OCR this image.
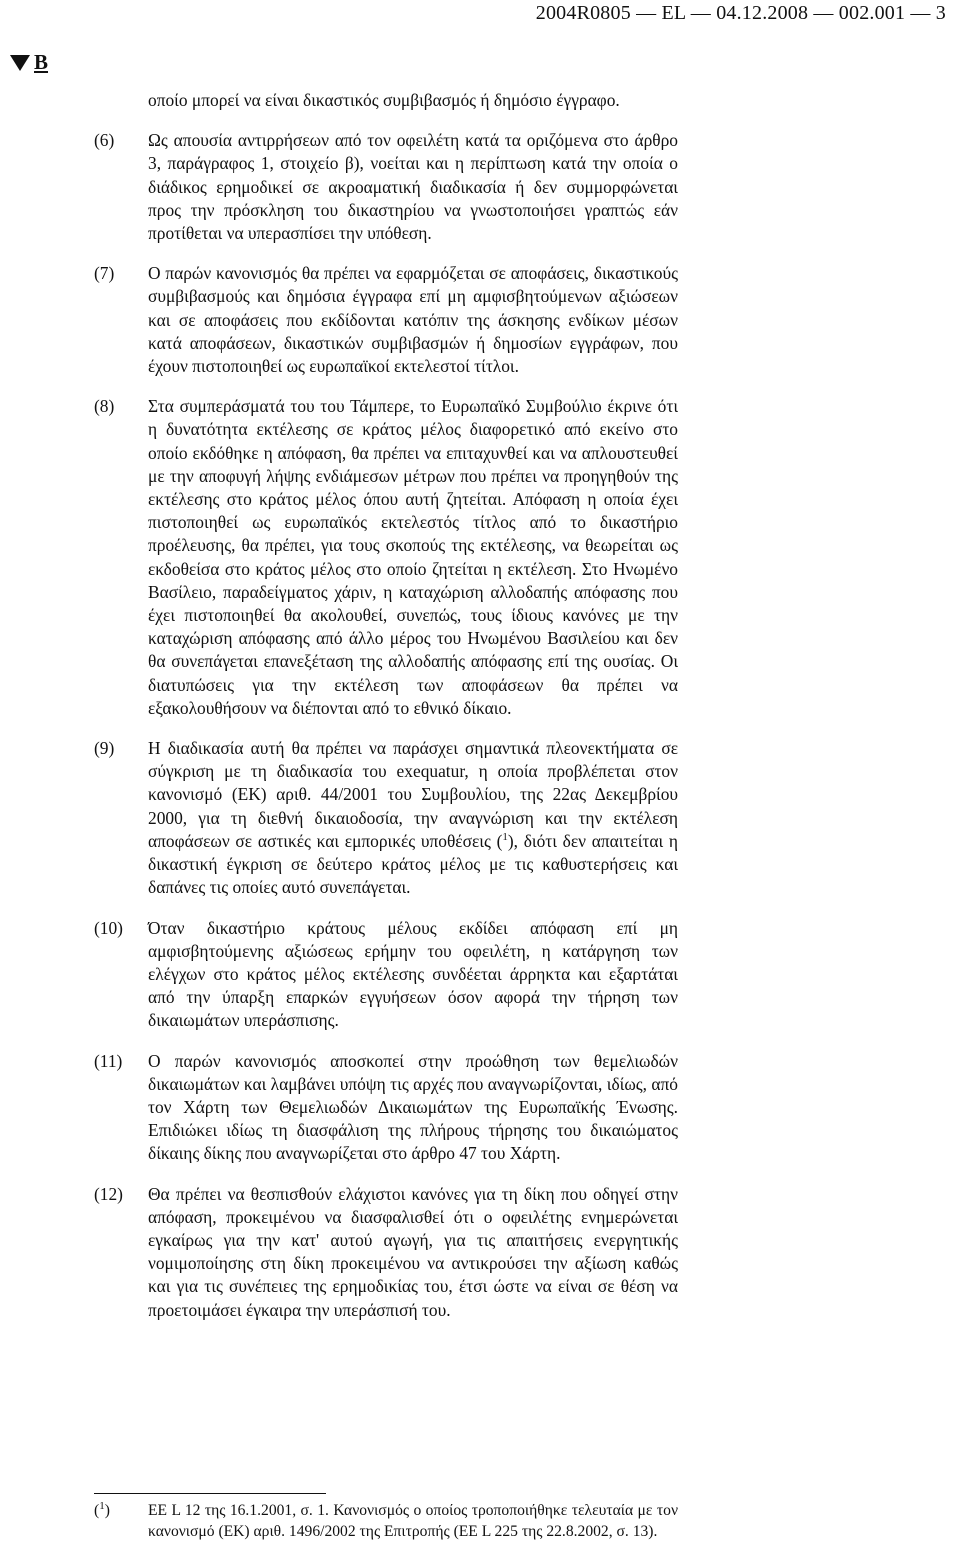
2004R0805 — EL — 04.12.2008 — 002.001 — 3
B
οποίο μπορεί να είναι δικαστικός συμβιβασμός ή δημόσιο έγγραφο.
(6)	Ως απουσία αντιρρήσεων από τον οφειλέτη κατά τα οριζόμενα στο άρθρο 3, παράγραφος 1, στοιχείο β), νοείται και η περίπτωση κατά την οποία ο διάδικος ερημοδικεί σε ακροαματική διαδικασία ή δεν συμμορφώνεται προς την πρόσκληση του δικαστηρίου να γνωστοποιήσει γραπτώς εάν προτίθεται να υπερασπίσει την υπόθεση.
(7)	Ο παρών κανονισμός θα πρέπει να εφαρμόζεται σε αποφάσεις, δικαστικούς συμβιβασμούς και δημόσια έγγραφα επί μη αμφισβητούμενων αξιώσεων και σε αποφάσεις που εκδίδονται κατόπιν της άσκησης ενδίκων μέσων κατά αποφάσεων, δικαστικών συμβιβασμών ή δημοσίων εγγράφων, που έχουν πιστοποιηθεί ως ευρωπαϊκοί εκτελεστοί τίτλοι.
(8)	Στα συμπεράσματά του του Τάμπερε, το Ευρωπαϊκό Συμβούλιο έκρινε ότι η δυνατότητα εκτέλεσης σε κράτος μέλος διαφορετικό από εκείνο στο οποίο εκδόθηκε η απόφαση, θα πρέπει να επιταχυνθεί και να απλουστευθεί με την αποφυγή λήψης ενδιάμεσων μέτρων που πρέπει να προηγηθούν της εκτέλεσης στο κράτος μέλος όπου αυτή ζητείται. Απόφαση η οποία έχει πιστοποιηθεί ως ευρωπαϊκός εκτελεστός τίτλος από το δικαστήριο προέλευσης, θα πρέπει, για τους σκοπούς της εκτέλεσης, να θεωρείται ως εκδοθείσα στο κράτος μέλος στο οποίο ζητείται η εκτέλεση. Στο Ηνωμένο Βασίλειο, παραδείγματος χάριν, η καταχώριση αλλοδαπής απόφασης που έχει πιστοποιηθεί θα ακολουθεί, συνεπώς, τους ίδιους κανόνες με την καταχώριση απόφασης από άλλο μέρος του Ηνωμένου Βασιλείου και δεν θα συνεπάγεται επανεξέταση της αλλοδαπής απόφασης επί της ουσίας. Οι διατυπώσεις για την εκτέλεση των αποφάσεων θα πρέπει να εξακολουθήσουν να διέπονται από το εθνικό δίκαιο.
(9)	Η διαδικασία αυτή θα πρέπει να παράσχει σημαντικά πλεονεκτήματα σε σύγκριση με τη διαδικασία του exequatur, η οποία προβλέπεται στον κανονισμό (ΕΚ) αριθ. 44/2001 του Συμβουλίου, της 22ας Δεκεμβρίου 2000, για τη διεθνή δικαιοδοσία, την αναγνώριση και την εκτέλεση αποφάσεων σε αστικές και εμπορικές υποθέσεις ($^1$), διότι δεν απαιτείται η δικαστική έγκριση σε δεύτερο κράτος μέλος με τις καθυστερήσεις και δαπάνες τις οποίες αυτό συνεπάγεται.
(10)	Όταν δικαστήριο κράτους μέλους εκδίδει απόφαση επί μη αμφισβητούμενης αξιώσεως ερήμην του οφειλέτη, η κατάργηση των ελέγχων στο κράτος μέλος εκτέλεσης συνδέεται άρρηκτα και εξαρτάται από την ύπαρξη επαρκών εγγυήσεων όσον αφορά την τήρηση των δικαιωμάτων υπεράσπισης.
(11)	Ο παρών κανονισμός αποσκοπεί στην προώθηση των θεμελιωδών δικαιωμάτων και λαμβάνει υπόψη τις αρχές που αναγνωρίζονται, ιδίως, από τον Χάρτη των Θεμελιωδών Δικαιωμάτων της Ευρωπαϊκής Ένωσης. Επιδιώκει ιδίως τη διασφάλιση της πλήρους τήρησης του δικαιώματος δίκαιης δίκης που αναγνωρίζεται στο άρθρο 47 του Χάρτη.
(12)	Θα πρέπει να θεσπισθούν ελάχιστοι κανόνες για τη δίκη που οδηγεί στην απόφαση, προκειμένου να διασφαλισθεί ότι ο οφειλέτης ενημερώνεται εγκαίρως για την κατ' αυτού αγωγή, για τις απαιτήσεις ενεργητικής νομιμοποίησης στη δίκη προκειμένου να αντικρούσει την αξίωση καθώς και για τις συνέπειες της ερημοδικίας του, έτσι ώστε να είναι σε θέση να προετοιμάσει έγκαιρα την υπεράσπισή του.
($^1$)	ΕΕ L 12 της 16.1.2001, σ. 1. Κανονισμός ο οποίος τροποποιήθηκε τελευταία με τον κανονισμό (ΕΚ) αριθ. 1496/2002 της Επιτροπής (ΕΕ L 225 της 22.8.2002, σ. 13).
